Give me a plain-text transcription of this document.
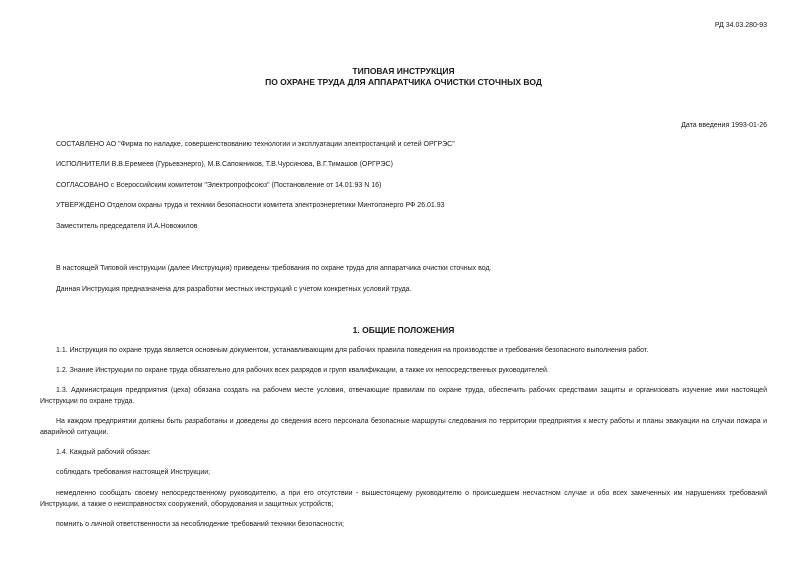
РД 34.03.280-93
ТИПОВАЯ ИНСТРУКЦИЯ
ПО ОХРАНЕ ТРУДА ДЛЯ АППАРАТЧИКА ОЧИСТКИ СТОЧНЫХ ВОД
Дата введения 1993-01-26
СОСТАВЛЕНО АО "Фирма по наладке, совершенствованию технологии и эксплуатации электростанций и сетей ОРГРЭС"
ИСПОЛНИТЕЛИ В.В.Еремеев (Гурьевэнерго), М.В.Сапожников, Т.В.Чурсинова, В.Г.Тимашов (ОРГРЭС)
СОГЛАСОВАНО с Всероссийским комитетом "Электропрофсоюз" (Постановление от 14.01.93 N 16)
УТВЕРЖДЕНО Отделом охраны труда и техники безопасности комитета электроэнергетики Минтопэнерго РФ 26.01.93
Заместитель председателя И.А.Новожилов
В настоящей Типовой инструкции (далее Инструкция) приведены требования по охране труда для аппаратчика очистки сточных вод.
Данная Инструкция предназначена для разработки местных инструкций с учетом конкретных условий труда.
1. ОБЩИЕ ПОЛОЖЕНИЯ
1.1. Инструкция по охране труда является основным документом, устанавливающим для рабочих правила поведения на производстве и требования безопасного выполнения работ.
1.2. Знание Инструкции по охране труда обязательно для рабочих всех разрядов и групп квалификации, а также их непосредственных руководителей.
1.3. Администрация предприятия (цеха) обязана создать на рабочем месте условия, отвечающие правилам по охране труда, обеспечить рабочих средствами защиты и организовать изучение ими настоящей Инструкции по охране труда.
На каждом предприятии должны быть разработаны и доведены до сведения всего персонала безопасные маршруты следования по территории предприятия к месту работы и планы эвакуации на случаи пожара и аварийной ситуации.
1.4. Каждый рабочий обязан:
соблюдать требования настоящей Инструкции;
немедленно сообщать своему непосредственному руководителю, а при его отсутствии - вышестоящему руководителю о происшедшем несчастном случае и обо всех замеченных им нарушениях требований Инструкции, а также о неисправностях сооружений, оборудования и защитных устройств;
помнить о личной ответственности за несоблюдение требований техники безопасности;
